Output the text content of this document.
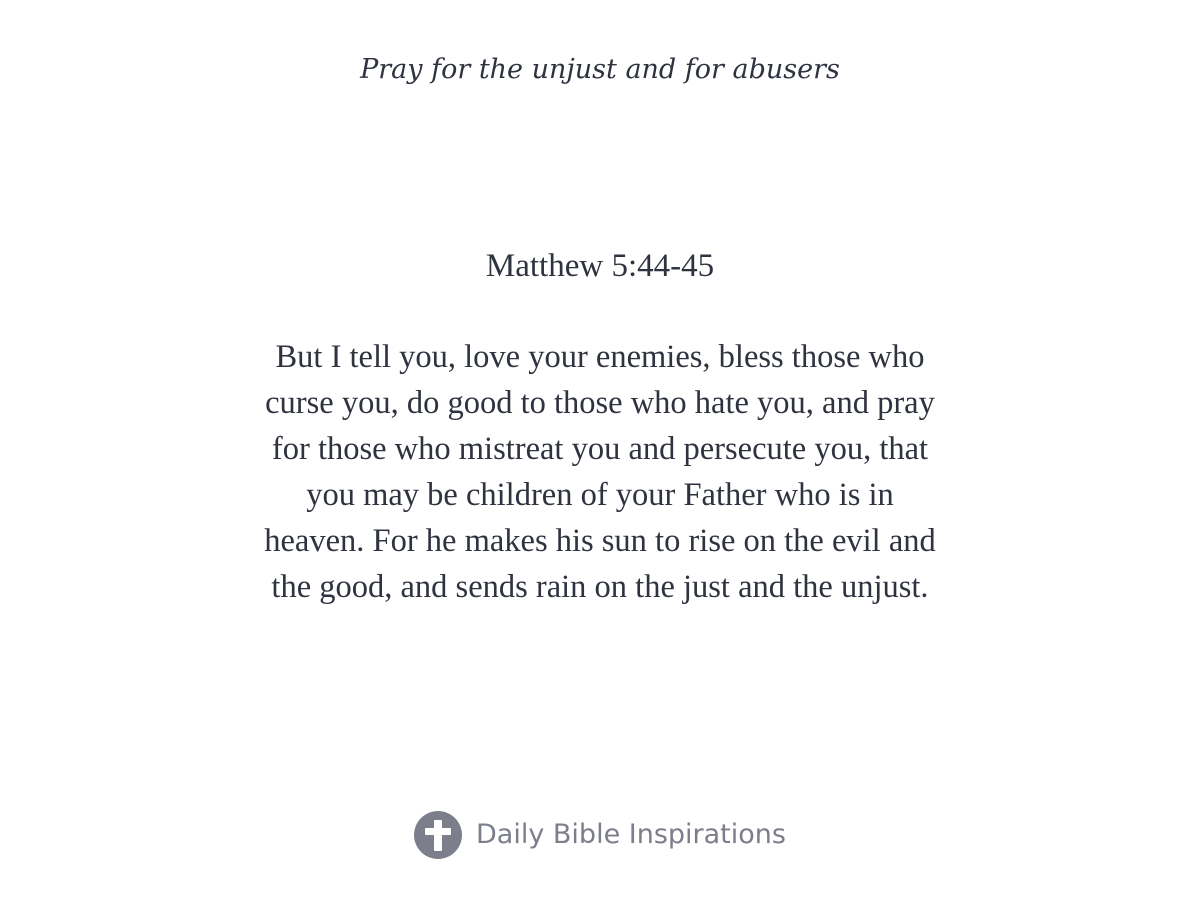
Pray for the unjust and for abusers
Matthew 5:44-45
But I tell you, love your enemies, bless those who curse you, do good to those who hate you, and pray for those who mistreat you and persecute you, that you may be children of your Father who is in heaven. For he makes his sun to rise on the evil and the good, and sends rain on the just and the unjust.
Daily Bible Inspirations
